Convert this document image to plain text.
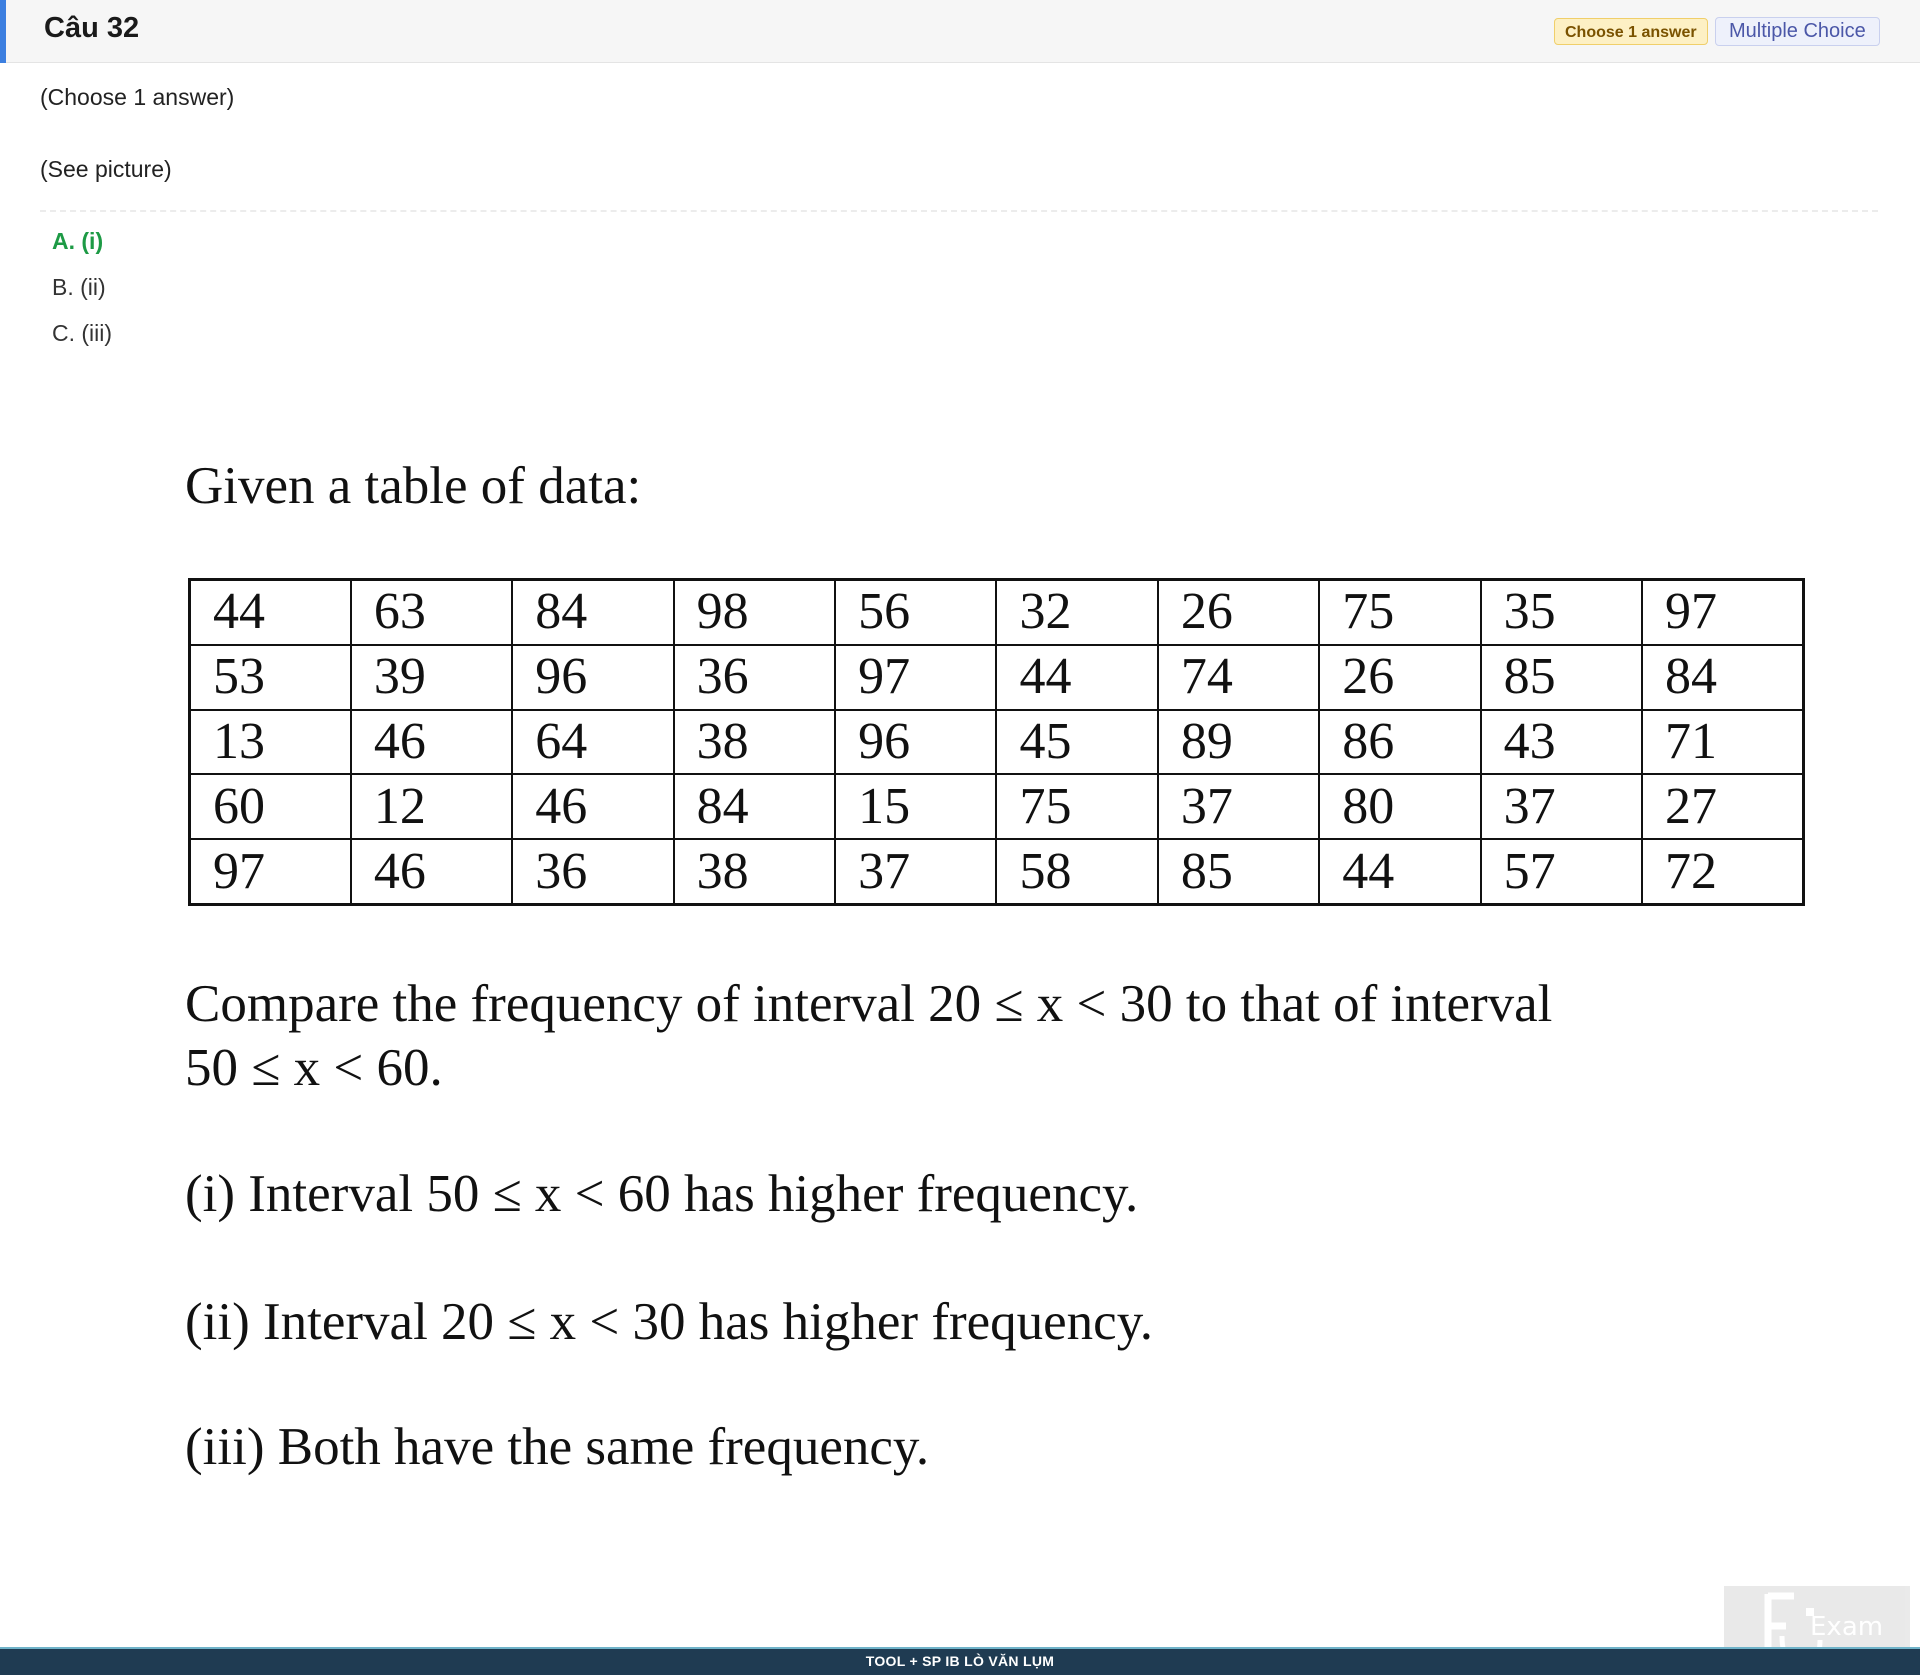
Câu 32	Choose 1 answer	Multiple Choice
(Choose 1 answer)
(See picture)
A. (i)
B. (ii)
C. (iii)
Given a table of data:
44	63	84	98	56	32	26	75	35	97
53	39	96	36	97	44	74	26	85	84
13	46	64	38	96	45	89	86	43	71
60	12	46	84	15	75	37	80	37	27
97	46	36	38	37	58	85	44	57	72
Compare the frequency of interval 20 ≤ x < 30 to that of interval
50 ≤ x < 60.
(i) Interval 50 ≤ x < 60 has higher frequency.
(ii) Interval 20 ≤ x < 30 has higher frequency.
(iii) Both have the same frequency.
Exam
TOOL + SP IB LÒ VĂN LỤM
